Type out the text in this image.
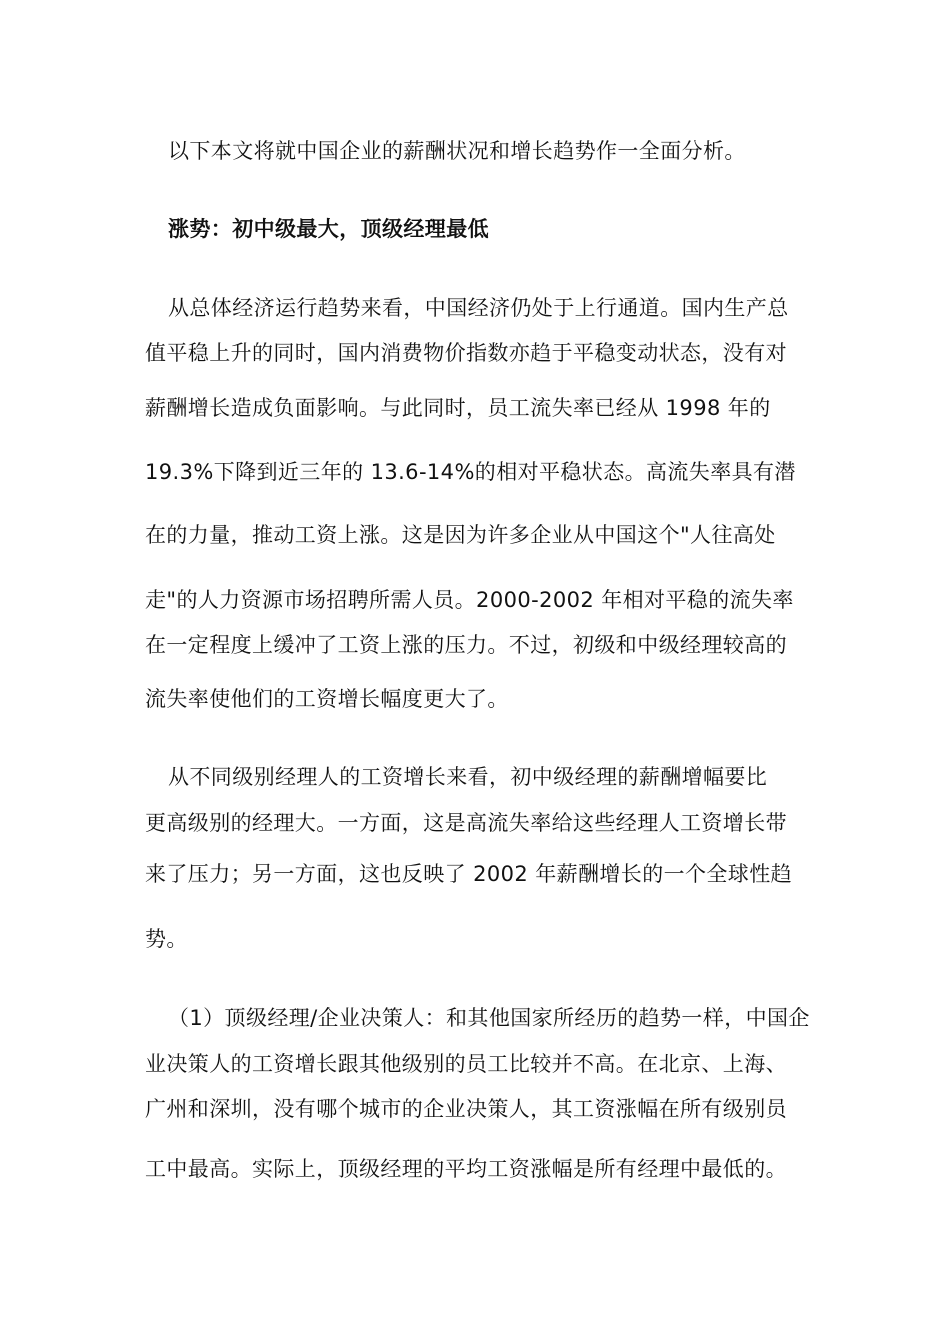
以下本文将就中国企业的薪酬状况和增长趋势作一全面分析。
涨势：初中级最大，顶级经理最低
从总体经济运行趋势来看，中国经济仍处于上行通道。国内生产总
值平稳上升的同时，国内消费物价指数亦趋于平稳变动状态，没有对
薪酬增长造成负面影响。与此同时，员工流失率已经从 1998 年的
19.3%下降到近三年的 13.6-14%的相对平稳状态。高流失率具有潜
在的力量，推动工资上涨。这是因为许多企业从中国这个"人往高处
走"的人力资源市场招聘所需人员。2000-2002 年相对平稳的流失率
在一定程度上缓冲了工资上涨的压力。不过，初级和中级经理较高的
流失率使他们的工资增长幅度更大了。
从不同级别经理人的工资增长来看，初中级经理的薪酬增幅要比
更高级别的经理大。一方面，这是高流失率给这些经理人工资增长带
来了压力；另一方面，这也反映了 2002 年薪酬增长的一个全球性趋
势。
（1）顶级经理/企业决策人：和其他国家所经历的趋势一样，中国企
业决策人的工资增长跟其他级别的员工比较并不高。在北京、上海、
广州和深圳，没有哪个城市的企业决策人，其工资涨幅在所有级别员
工中最高。实际上，顶级经理的平均工资涨幅是所有经理中最低的。
